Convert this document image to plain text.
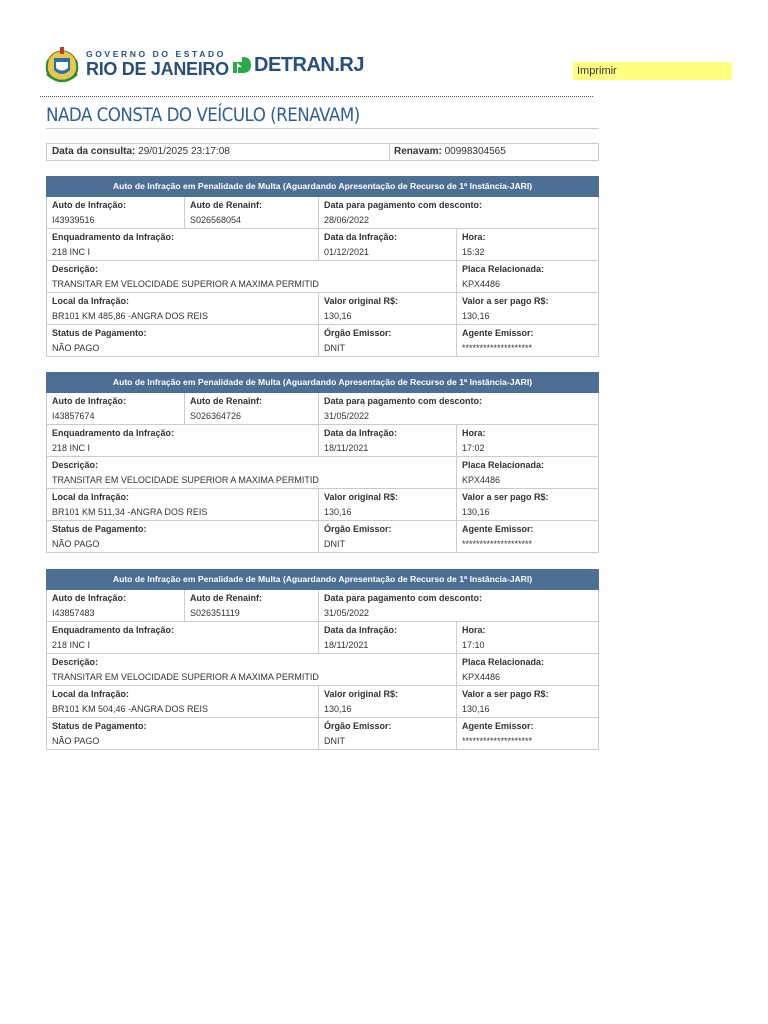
GOVERNO DO ESTADO
RIO DE JANEIRO DETRAN.RJ	Imprimir
NADA CONSTA DO VEÍCULO (RENAVAM)
Data da consulta: 29/01/2025 23:17:08	Renavam: 00998304565
Auto de Infração em Penalidade de Multa (Aguardando Apresentação de Recurso de 1ª Instância-JARI)
Auto de Infração:
I43939516
Auto de Renainf:
S026568054
Data para pagamento com desconto:
28/06/2022
Enquadramento da Infração:
218 INC I
Data da Infração:
01/12/2021
Hora:
15:32
Descrição:
TRANSITAR EM VELOCIDADE SUPERIOR A MAXIMA PERMITID
Placa Relacionada:
KPX4486
Local da Infração:
BR101 KM 485,86 -ANGRA DOS REIS
Valor original R$:
130,16
Valor a ser pago R$:
130,16
Status de Pagamento:
NÃO PAGO
Órgão Emissor:
DNIT
Agente Emissor:
********************
Auto de Infração em Penalidade de Multa (Aguardando Apresentação de Recurso de 1ª Instância-JARI)
Auto de Infração:
I43857674
Auto de Renainf:
S026364726
Data para pagamento com desconto:
31/05/2022
Enquadramento da Infração:
218 INC I
Data da Infração:
18/11/2021
Hora:
17:02
Descrição:
TRANSITAR EM VELOCIDADE SUPERIOR A MAXIMA PERMITID
Placa Relacionada:
KPX4486
Local da Infração:
BR101 KM 511,34 -ANGRA DOS REIS
Valor original R$:
130,16
Valor a ser pago R$:
130,16
Status de Pagamento:
NÃO PAGO
Órgão Emissor:
DNIT
Agente Emissor:
********************
Auto de Infração em Penalidade de Multa (Aguardando Apresentação de Recurso de 1ª Instância-JARI)
Auto de Infração:
I43857483
Auto de Renainf:
S026351119
Data para pagamento com desconto:
31/05/2022
Enquadramento da Infração:
218 INC I
Data da Infração:
18/11/2021
Hora:
17:10
Descrição:
TRANSITAR EM VELOCIDADE SUPERIOR A MAXIMA PERMITID
Placa Relacionada:
KPX4486
Local da Infração:
BR101 KM 504,46 -ANGRA DOS REIS
Valor original R$:
130,16
Valor a ser pago R$:
130,16
Status de Pagamento:
NÃO PAGO
Órgão Emissor:
DNIT
Agente Emissor:
********************
